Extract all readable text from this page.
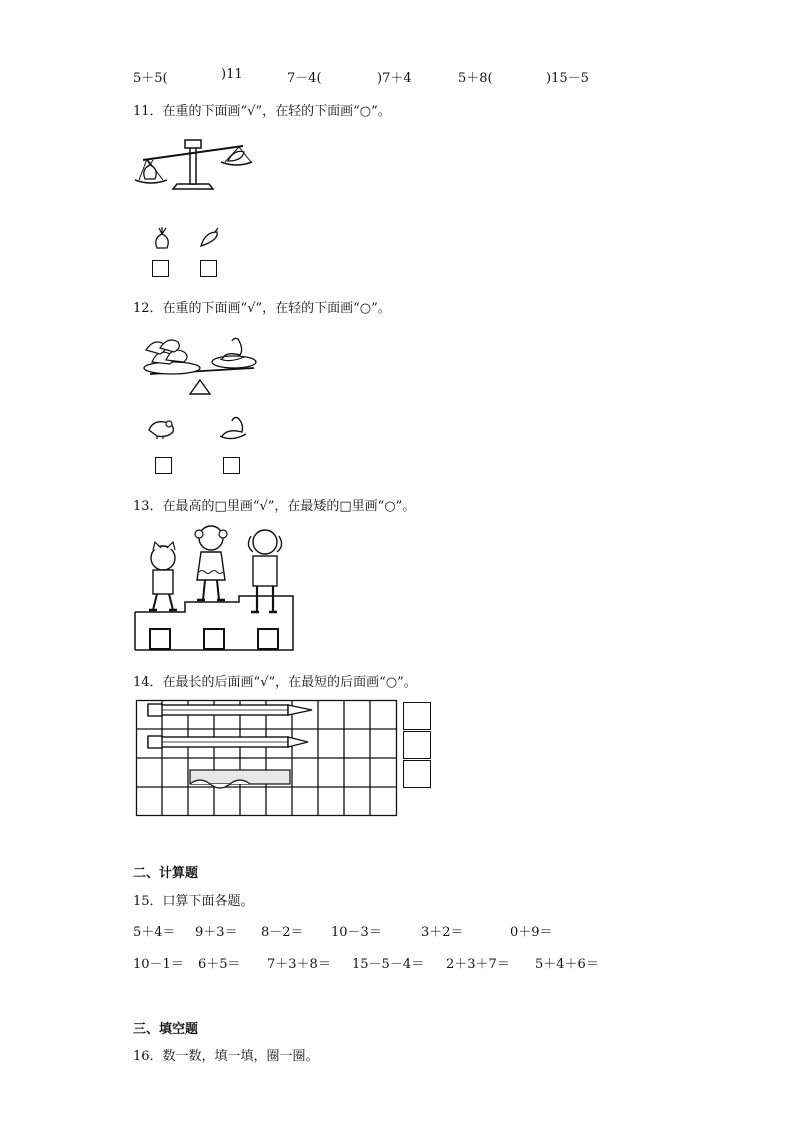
5＋5(	)11	7－4(	)7＋4	5＋8(	)15－5
11．在重的下面画“√”，在轻的下面画“○”。
12．在重的下面画“√”，在轻的下面画“○”。
13．在最高的□里画“√”，在最矮的□里画“○”。
14．在最长的后面画“√”，在最短的后面画“○”。
二、计算题
15．口算下面各题。
5＋4＝ 9＋3＝ 8－2＝ 10－3＝	3＋2＝	0＋9＝
10－1＝ 6＋5＝ 7＋3＋8＝ 15－5－4＝ 2＋3＋7＝ 5＋4＋6＝
三、填空题
16．数一数，填一填，圈一圈。
